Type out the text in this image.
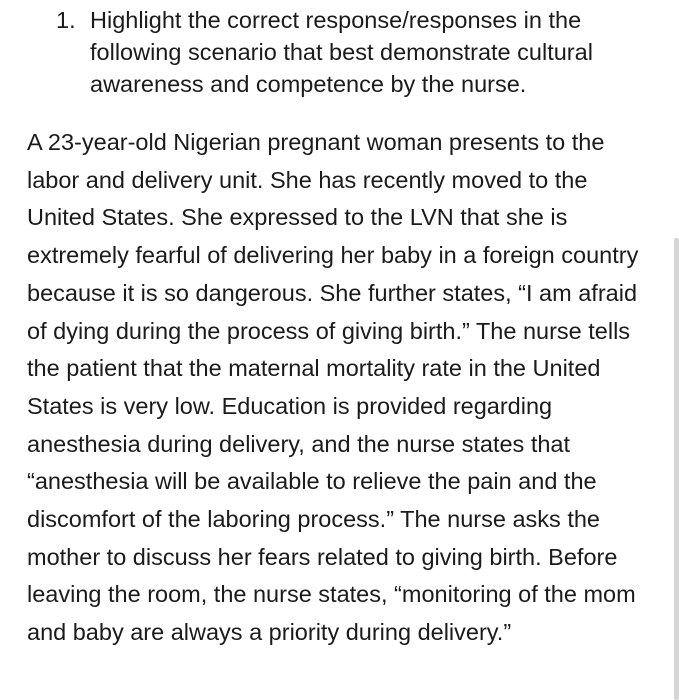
1. Highlight the correct response/responses in the following scenario that best demonstrate cultural awareness and competence by the nurse.

A 23-year-old Nigerian pregnant woman presents to the labor and delivery unit. She has recently moved to the United States. She expressed to the LVN that she is extremely fearful of delivering her baby in a foreign country because it is so dangerous. She further states, “I am afraid of dying during the process of giving birth.” The nurse tells the patient that the maternal mortality rate in the United States is very low. Education is provided regarding anesthesia during delivery, and the nurse states that “anesthesia will be available to relieve the pain and the discomfort of the laboring process.” The nurse asks the mother to discuss her fears related to giving birth. Before leaving the room, the nurse states, “monitoring of the mom and baby are always a priority during delivery.”
